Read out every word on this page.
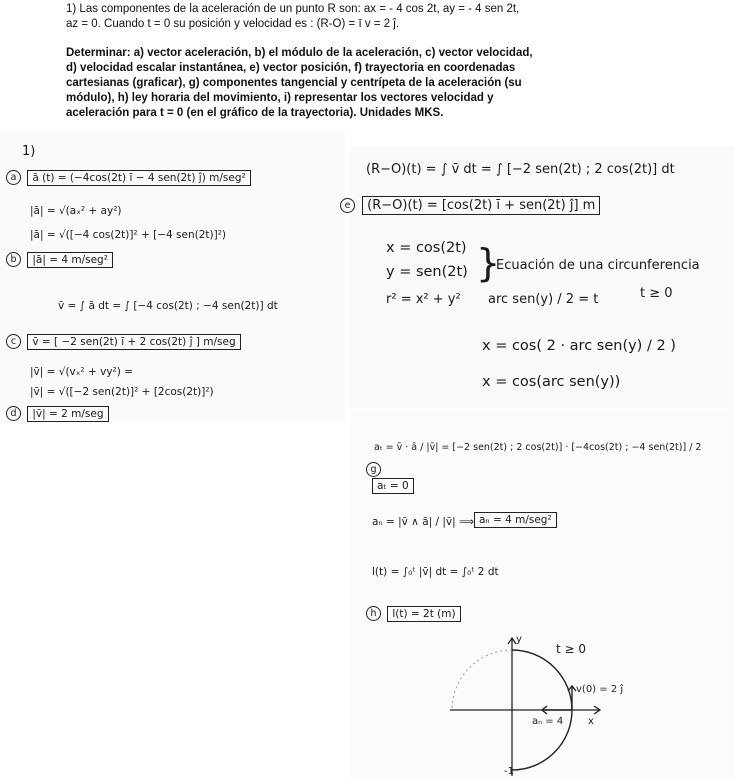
1) Las componentes de la aceleración de un punto R son: ax = - 4 cos 2t, ay = - 4 sen 2t,

az = 0. Cuando t = 0 su posición y velocidad es : (R-O) = ī v = 2 ĵ.

Determinar: a) vector aceleración, b) el módulo de la aceleración, c) vector velocidad,

d) velocidad escalar instantánea, e) vector posición, f) trayectoria en coordenadas

cartesianas (graficar), g) componentes tangencial y centrípeta de la aceleración (su

módulo), h) ley horaria del movimiento, i) representar los vectores velocidad y

aceleración para t = 0 (en el gráfico de la trayectoria). Unidades MKS.

1)
a ā (t) = (−4cos(2t) ī − 4 sen(2t) ĵ) m/seg²
|ā| = √(aₓ² + ay²)
|ā| = √([−4 cos(2t)]² + [−4 sen(2t)]²)
b |ā| = 4 m/seg²
v̄ = ∫ ā dt = ∫ [−4 cos(2t) ; −4 sen(2t)] dt
c v̄ = [ −2 sen(2t) ī + 2 cos(2t) ĵ ] m/seg
|v̄| = √(vₓ² + vy²) =
|v̄| = √([−2 sen(2t)]² + [2cos(2t)]²)
d |v̄| = 2 m/seg
(R−O)(t) = ∫ v̄ dt = ∫ [−2 sen(2t) ; 2 cos(2t)] dt
e (R−O)(t) = [cos(2t) ī + sen(2t) ĵ] m
x = cos(2t)
y = sen(2t) }
Ecuación de una circunferencia
r² = x² + y² arc sen(y) / 2 = t	t ≥ 0
x = cos( 2 · arc sen(y) / 2 )
x = cos(arc sen(y))
aₜ = v̄ · ā / |v̄| = [−2 sen(2t) ; 2 cos(2t)] · [−4cos(2t) ; −4 sen(2t)] / 2
g
aₜ = 0
aₙ = |v̄ ∧ ā| / |v̄| ⟹ aₙ = 4 m/seg²
l(t) = ∫₀ᵗ |v̄| dt = ∫₀ᵗ 2 dt
h l(t) = 2t (m)
y
x
t ≥ 0
v(0) = 2 ĵ
aₙ = 4
-1
